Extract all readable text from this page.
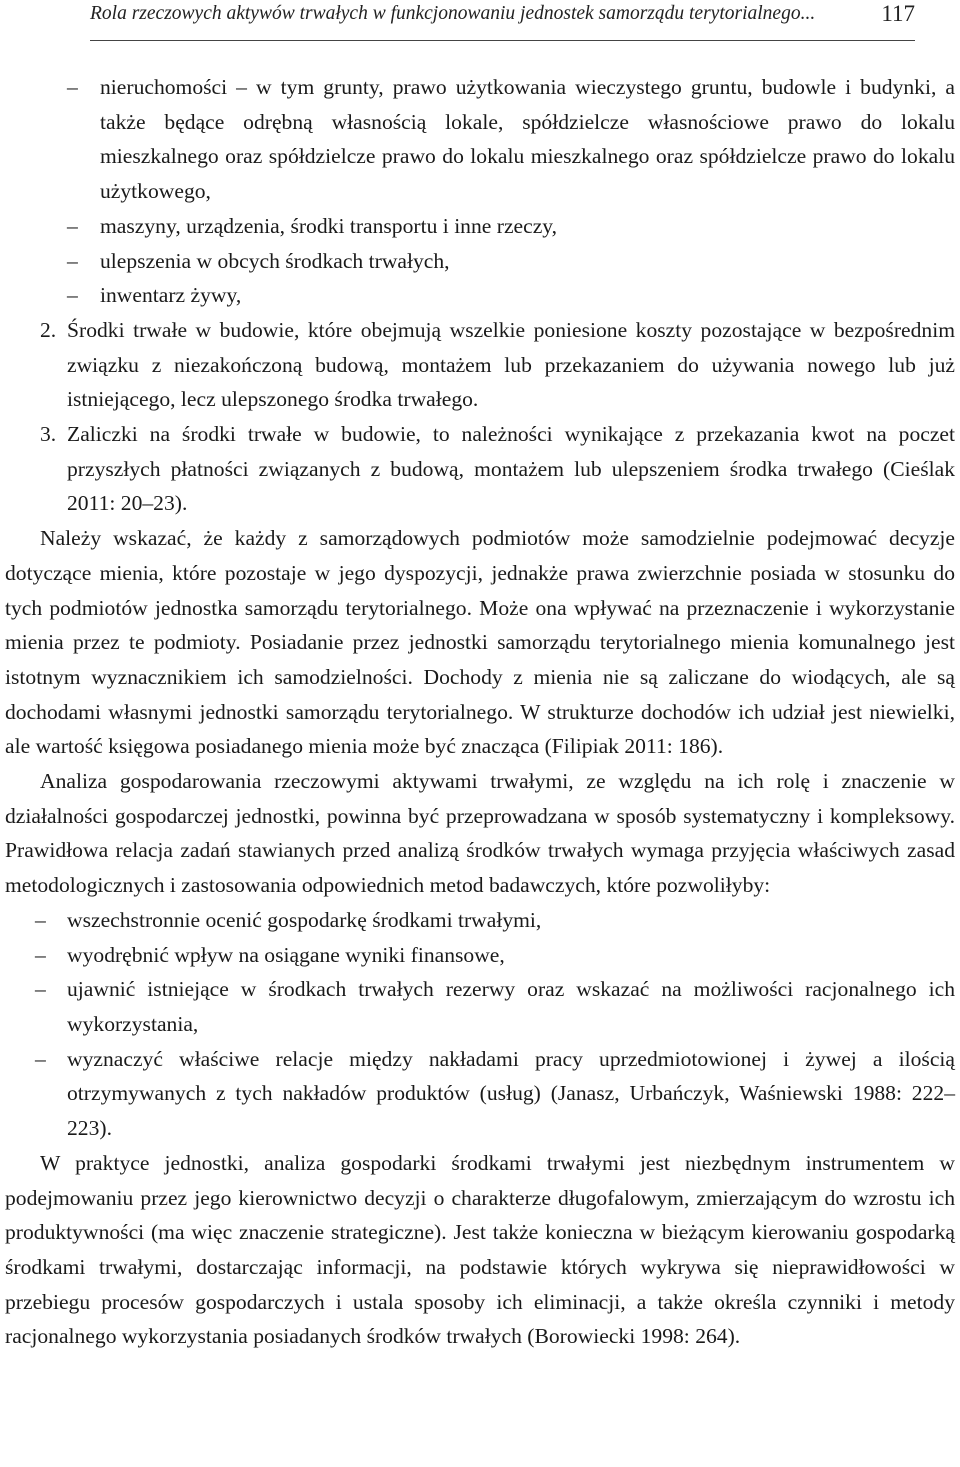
Rola rzeczowych aktywów trwałych w funkcjonowaniu jednostek samorządu terytorialnego...	117

– nieruchomości – w tym grunty, prawo użytkowania wieczystego gruntu, budowle i budynki, a także będące odrębną własnością lokale, spółdzielcze własnościowe prawo do lokalu mieszkalnego oraz spółdzielcze prawo do lokalu mieszkalnego oraz spółdzielcze prawo do lokalu użytkowego,

– maszyny, urządzenia, środki transportu i inne rzeczy,

– ulepszenia w obcych środkach trwałych,

– inwentarz żywy,

2. Środki trwałe w budowie, które obejmują wszelkie poniesione koszty pozostające w bezpośrednim związku z niezakończoną budową, montażem lub przekazaniem do używania nowego lub już istniejącego, lecz ulepszonego środka trwałego.

3. Zaliczki na środki trwałe w budowie, to należności wynikające z przekazania kwot na poczet przyszłych płatności związanych z budową, montażem lub ulepszeniem środka trwałego (Cieślak 2011: 20–23).

Należy wskazać, że każdy z samorządowych podmiotów może samodzielnie podejmować decyzje dotyczące mienia, które pozostaje w jego dyspozycji, jednakże prawa zwierzchnie posiada w stosunku do tych podmiotów jednostka samorządu terytorialnego. Może ona wpływać na przeznaczenie i wykorzystanie mienia przez te podmioty. Posiadanie przez jednostki samorządu terytorialnego mienia komunalnego jest istotnym wyznacznikiem ich samodzielności. Dochody z mienia nie są zaliczane do wiodących, ale są dochodami własnymi jednostki samorządu terytorialnego. W strukturze dochodów ich udział jest niewielki, ale wartość księgowa posiadanego mienia może być znacząca (Filipiak 2011: 186).

Analiza gospodarowania rzeczowymi aktywami trwałymi, ze względu na ich rolę i znaczenie w działalności gospodarczej jednostki, powinna być przeprowadzana w sposób systematyczny i kompleksowy. Prawidłowa relacja zadań stawianych przed analizą środków trwałych wymaga przyjęcia właściwych zasad metodologicznych i zastosowania odpowiednich metod badawczych, które pozwoliłyby:

– wszechstronnie ocenić gospodarkę środkami trwałymi,

– wyodrębnić wpływ na osiągane wyniki finansowe,

– ujawnić istniejące w środkach trwałych rezerwy oraz wskazać na możliwości racjonalnego ich wykorzystania,

– wyznaczyć właściwe relacje między nakładami pracy uprzedmiotowionej i żywej a ilością otrzymywanych z tych nakładów produktów (usług) (Janasz, Urbańczyk, Waśniewski 1988: 222–223).

W praktyce jednostki, analiza gospodarki środkami trwałymi jest niezbędnym instrumentem w podejmowaniu przez jego kierownictwo decyzji o charakterze długofalowym, zmierzającym do wzrostu ich produktywności (ma więc znaczenie strategiczne). Jest także konieczna w bieżącym kierowaniu gospodarką środkami trwałymi, dostarczając informacji, na podstawie których wykrywa się nieprawidłowości w przebiegu procesów gospodarczych i ustala sposoby ich eliminacji, a także określa czynniki i metody racjonalnego wykorzystania posiadanych środków trwałych (Borowiecki 1998: 264).
